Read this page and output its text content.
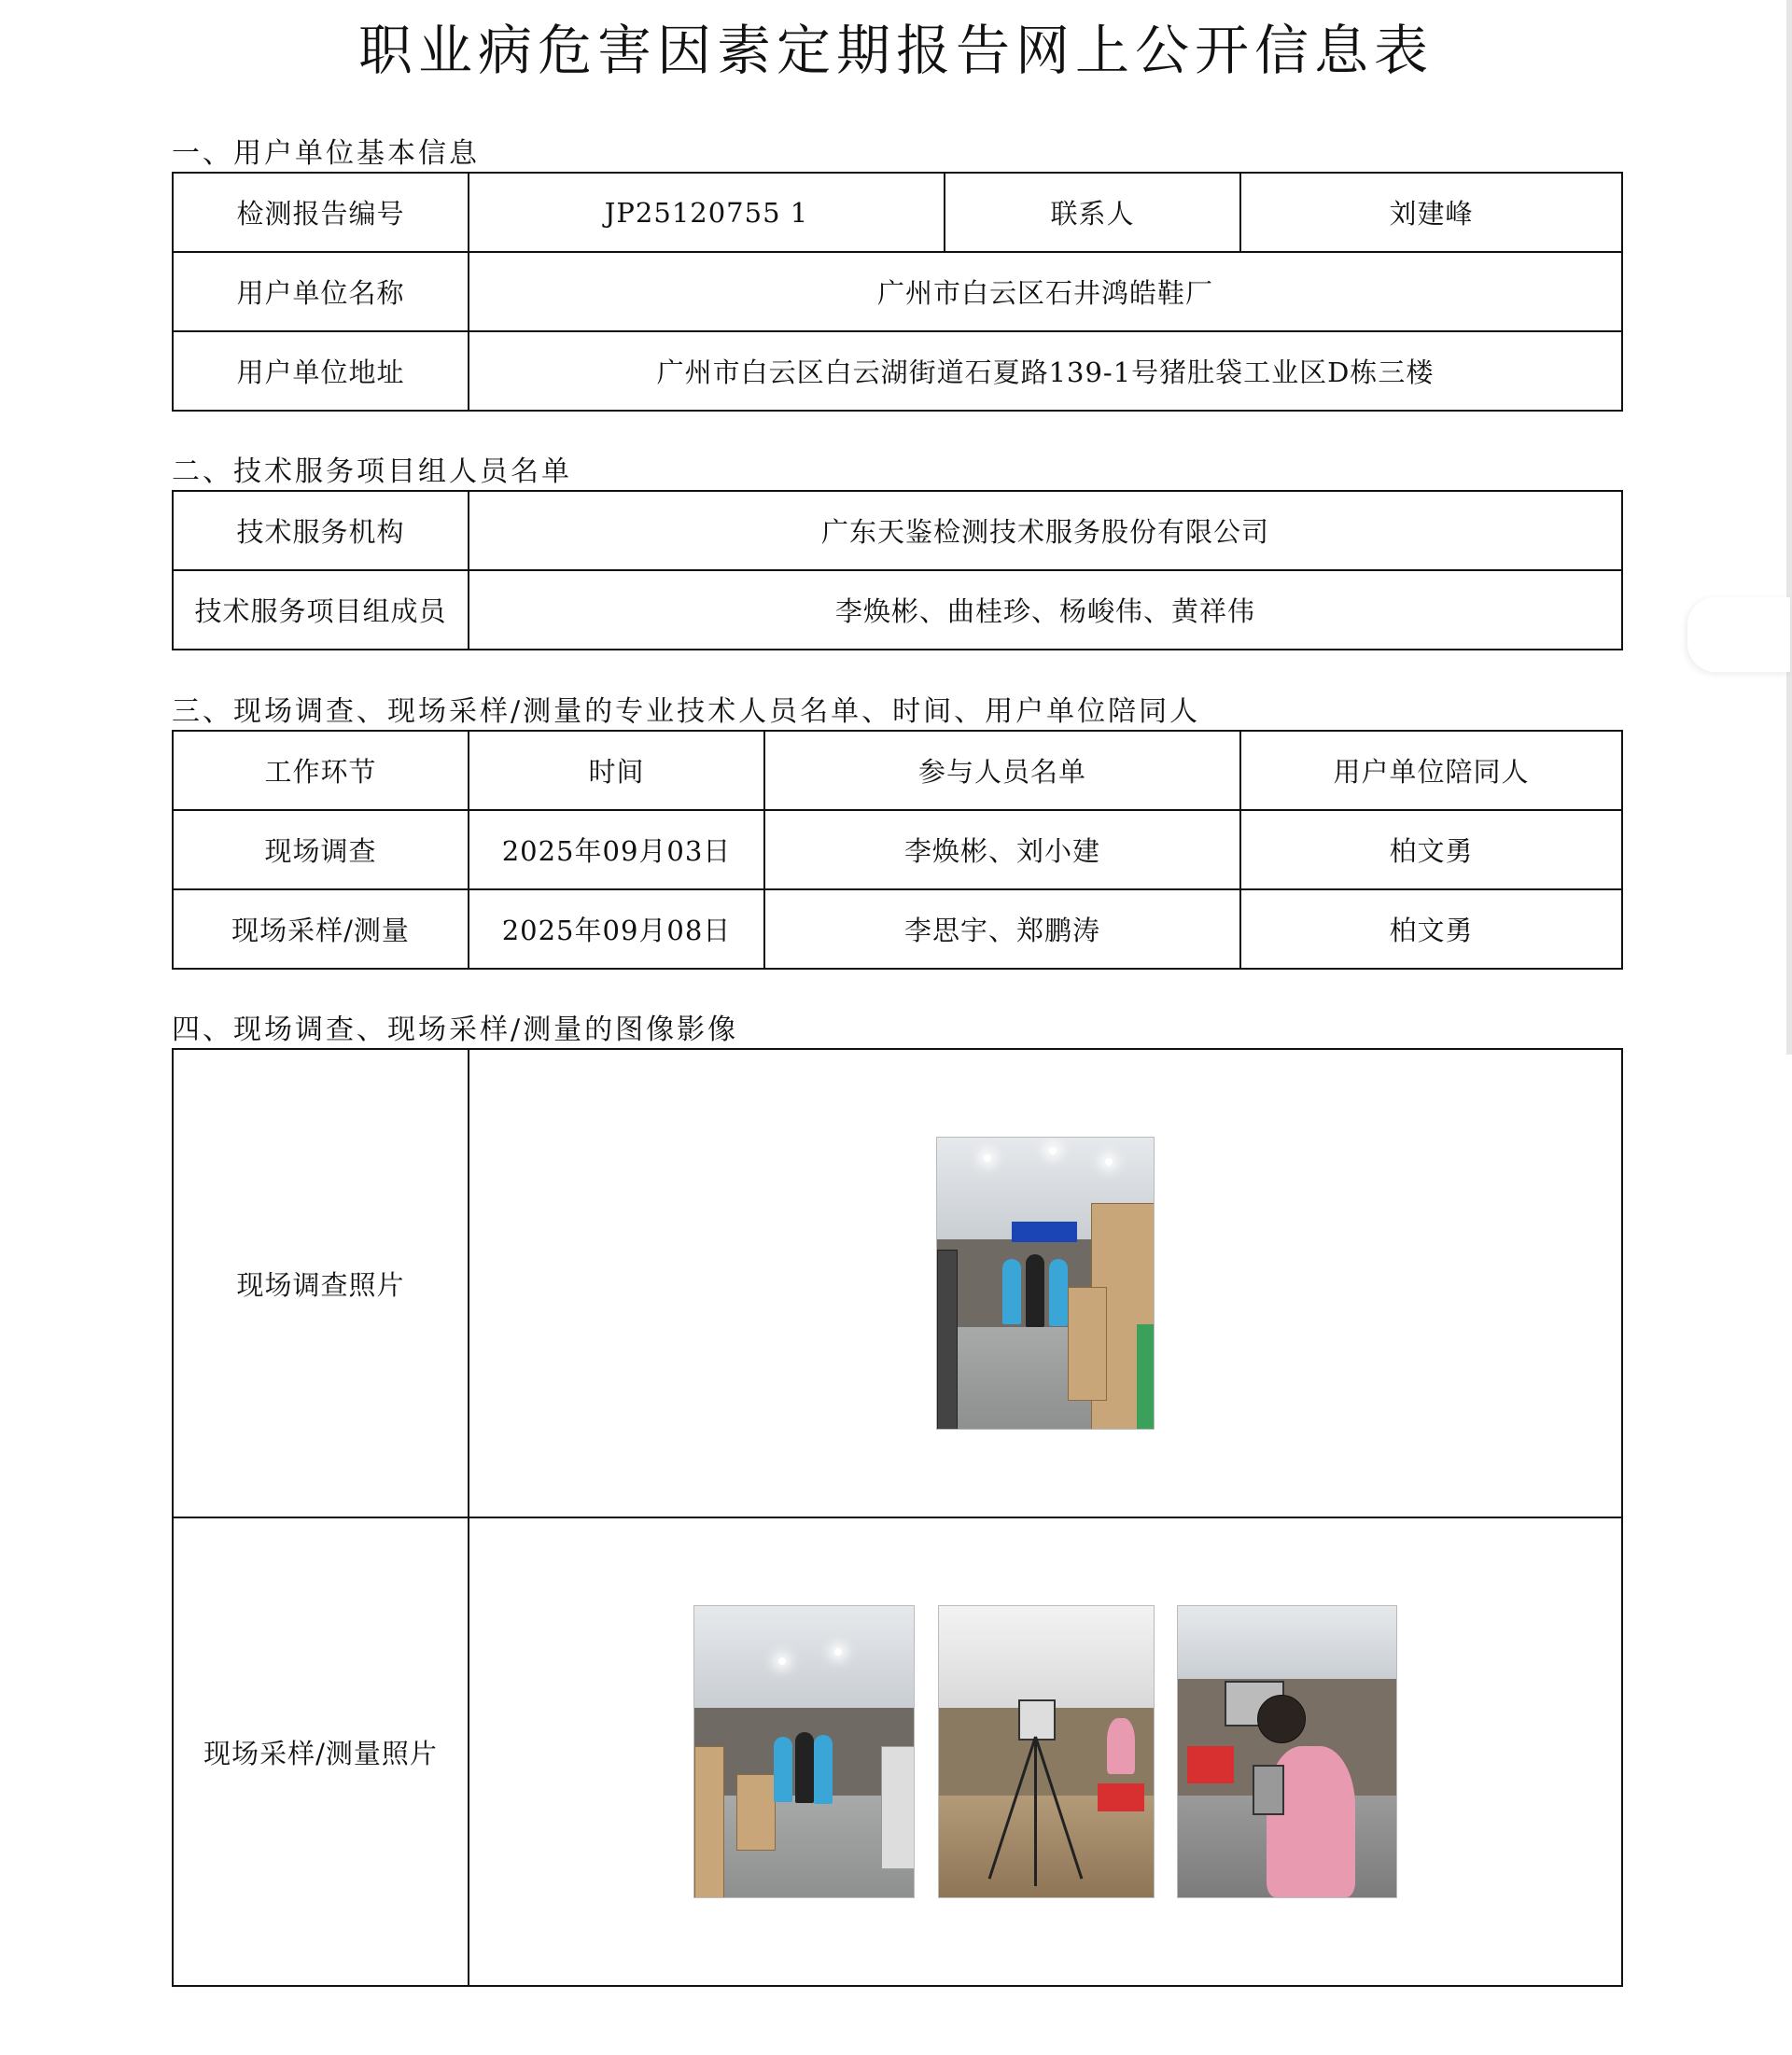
职业病危害因素定期报告网上公开信息表
一、用户单位基本信息
检测报告编号	JP25120755 1	联系人	刘建峰
用户单位名称	广州市白云区石井鸿皓鞋厂		
用户单位地址	广州市白云区白云湖街道石夏路139-1号猪肚袋工业区D栋三楼		
二、技术服务项目组人员名单
技术服务机构	广东天鉴检测技术服务股份有限公司
技术服务项目组成员	李焕彬、曲桂珍、杨峻伟、黄祥伟
三、现场调查、现场采样/测量的专业技术人员名单、时间、用户单位陪同人
工作环节	时间	参与人员名单	用户单位陪同人
现场调查	2025年09月03日	李焕彬、刘小建	柏文勇
现场采样/测量	2025年09月08日	李思宇、郑鹏涛	柏文勇
四、现场调查、现场采样/测量的图像影像
现场调查照片	

现场采样/测量照片	
